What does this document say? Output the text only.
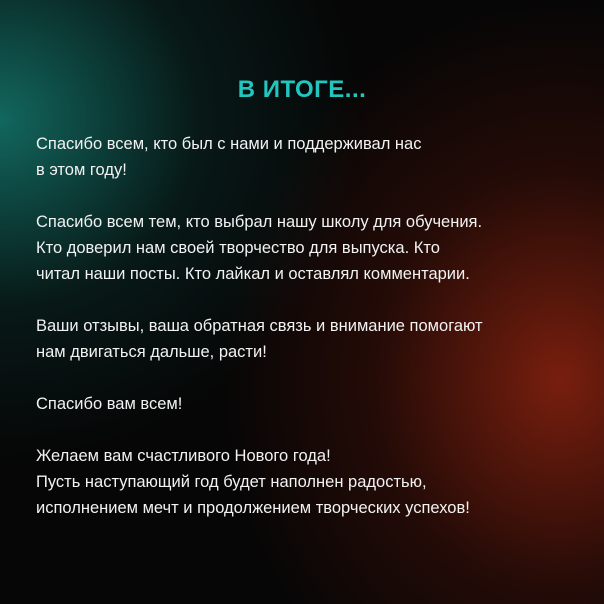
В ИТОГЕ...
Спасибо всем, кто был с нами и поддерживал нас
в этом году!
Спасибо всем тем, кто выбрал нашу школу для обучения.
Кто доверил нам своей творчество для выпуска. Кто
читал наши посты. Кто лайкал и оставлял комментарии.
Ваши отзывы, ваша обратная связь и внимание помогают
нам двигаться дальше, расти!
Спасибо вам всем!
Желаем вам счастливого Нового года!
Пусть наступающий год будет наполнен радостью,
исполнением мечт и продолжением творческих успехов!
